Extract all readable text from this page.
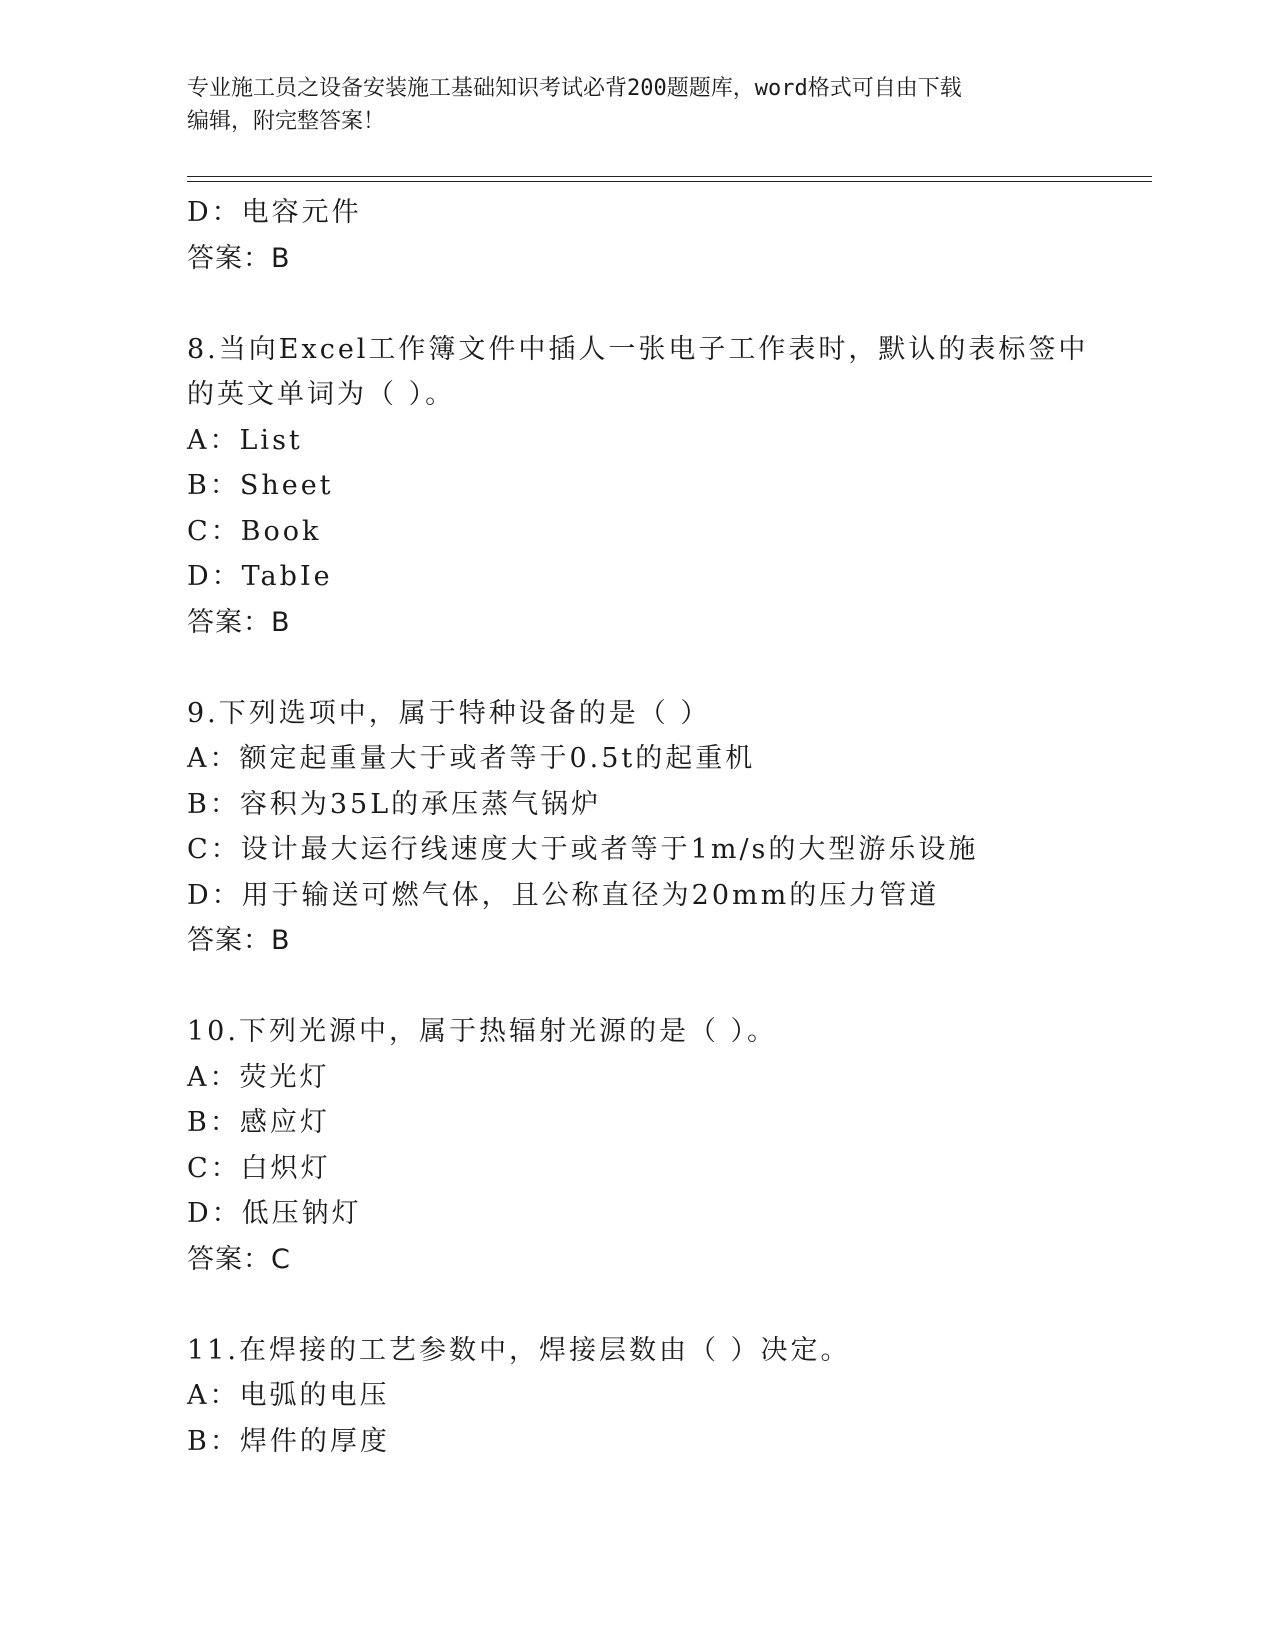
专业施工员之设备安装施工基础知识考试必背200题题库，word格式可自由下载
编辑，附完整答案！
D：电容元件
答案：B
8.当向Excel工作簿文件中插人一张电子工作表时，默认的表标签中
的英文单词为（ ）。
A：List
B：Sheet
C：Book
D：TabIe
答案：B
9.下列选项中，属于特种设备的是（ ）
A：额定起重量大于或者等于0.5t的起重机
B：容积为35L的承压蒸气锅炉
C：设计最大运行线速度大于或者等于1m/s的大型游乐设施
D：用于输送可燃气体，且公称直径为20mm的压力管道
答案：B
10.下列光源中，属于热辐射光源的是（ ）。
A：荧光灯
B：感应灯
C：白炽灯
D：低压钠灯
答案：C
11.在焊接的工艺参数中，焊接层数由（ ）决定。
A：电弧的电压
B：焊件的厚度
